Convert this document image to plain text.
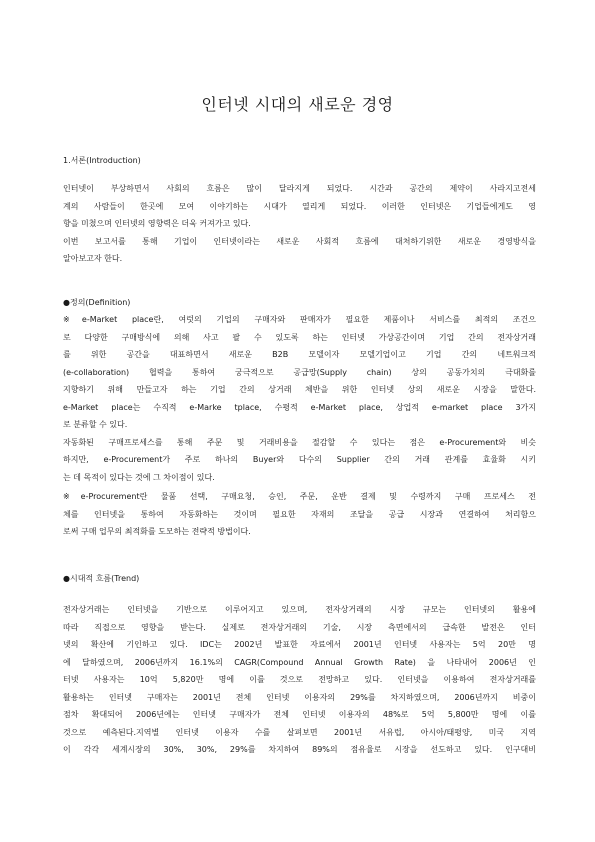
인터넷 시대의 새로운 경영
1.서론(Introduction)
인터넷이 부상하면서 사회의 흐름은 많이 달라지게 되었다. 시간과 공간의 제약이 사라지고전세
계의 사람들이 한곳에 모여 이야기하는 시대가 열리게 되었다. 이러한 인터넷은 기업들에게도 영
향을 미쳤으며 인터넷의 영향력은 더욱 커져가고 있다.
이번 보고서를 통해 기업이 인터넷이라는 새로운 사회적 흐름에 대처하기위한 새로운 경영방식을
알아보고자 한다.
●정의(Definition)
※e-Market place란, 여럿의 기업의 구매자와 판매자가 필요한 제품이나 서비스를 최적의 조건으
로 다양한 구매방식에 의해 사고 팔 수 있도록 하는 인터넷 가상공간이며 기업 간의 전자상거래
를 위한 공간을 대표하면서 새로운 B2B 모델이자 모델기업이고 기업 간의 네트워크적
(e-collaboration) 협력을 통하여 궁극적으로 공급망(Supply chain) 상의 공동가치의 극대화를
지향하기 위해 만들고자 하는 기업 간의 상거래 체반을 위한 인터넷 상의 새로운 시장을 말한다.
e-Market place는 수직적 e-Marke tplace, 수평적 e-Market place, 상업적 e-market place 3가지
로 분류할 수 있다.
자동화된 구매프로세스를 통해 주문 및 거래비용을 절감할 수 있다는 점은 e-Procurement와 비슷
하지만, e-Procurement가 주로 하나의 Buyer와 다수의 Supplier 간의 거래 관계를 효율화 시키
는 데 목적이 있다는 것에 그 차이점이 있다.
※e-Procurement란 물품 선택, 구매요청, 승인, 주문, 운반 결제 및 수령까지 구매 프로세스 전
체를 인터넷을 통하여 자동화하는 것이며 필요한 자재의 조달을 공급 시장과 연결하여 처리함으
로써 구매 업무의 최적화를 도모하는 전략적 방법이다.
●시대적 흐름(Trend)
전자상거래는 인터넷을 기반으로 이루어지고 있으며, 전자상거래의 시장 규모는 인터넷의 활용에
따라 직접으로 영향을 받는다. 실제로 전자상거래의 기술, 시장 측면에서의 급속한 발전은 인터
넷의 확산에 기인하고 있다. IDC는 2002년 발표한 자료에서 2001년 인터넷 사용자는 5억 20만 명
에 달하였으며, 2006년까지 16.1%의 CAGR(Compound Annual Growth Rate) 을 나타내어 2006년 인
터넷 사용자는 10억 5,820만 명에 이를 것으로 전망하고 있다. 인터넷을 이용하여 전자상거래를
활용하는 인터넷 구매자는 2001년 전체 인터넷 이용자의 29%를 차지하였으며, 2006년까지 비중이
점차 확대되어 2006년에는 인터넷 구매자가 전체 인터넷 이용자의 48%로 5억 5,800만 명에 이를
것으로 예측된다.지역별 인터넷 이용자 수를 살펴보면 2001년 서유럽, 아시아/태평양, 미국 지역
이 각각 세계시장의 30%, 30%, 29%를 차지하여 89%의 점유율로 시장을 선도하고 있다. 인구대비
